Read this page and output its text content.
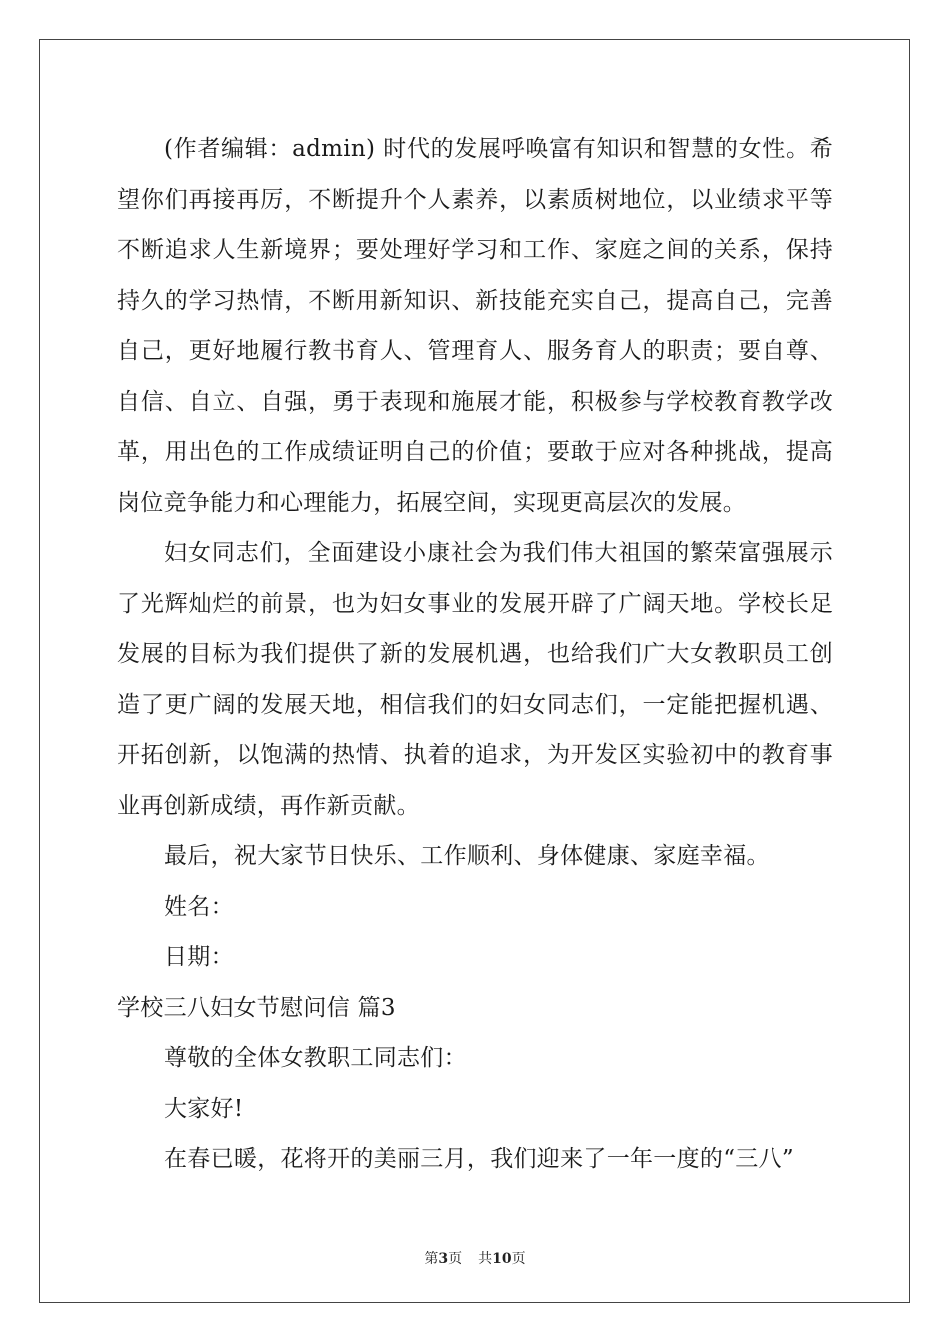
(作者编辑：admin) 时代的发展呼唤富有知识和智慧的女性。希望你们再接再厉，不断提升个人素养，以素质树地位，以业绩求平等不断追求人生新境界；要处理好学习和工作、家庭之间的关系，保持持久的学习热情，不断用新知识、新技能充实自己，提高自己，完善自己，更好地履行教书育人、管理育人、服务育人的职责；要自尊、自信、自立、自强，勇于表现和施展才能，积极参与学校教育教学改革，用出色的工作成绩证明自己的价值；要敢于应对各种挑战，提高岗位竞争能力和心理能力，拓展空间，实现更高层次的发展。

妇女同志们，全面建设小康社会为我们伟大祖国的繁荣富强展示了光辉灿烂的前景，也为妇女事业的发展开辟了广阔天地。学校长足发展的目标为我们提供了新的发展机遇，也给我们广大女教职员工创造了更广阔的发展天地，相信我们的妇女同志们，一定能把握机遇、开拓创新，以饱满的热情、执着的追求，为开发区实验初中的教育事业再创新成绩，再作新贡献。

最后，祝大家节日快乐、工作顺利、身体健康、家庭幸福。

姓名：

日期：

学校三八妇女节慰问信 篇3

尊敬的全体女教职工同志们：

大家好!

在春已暖，花将开的美丽三月，我们迎来了一年一度的“三八”

第3页 共10页
